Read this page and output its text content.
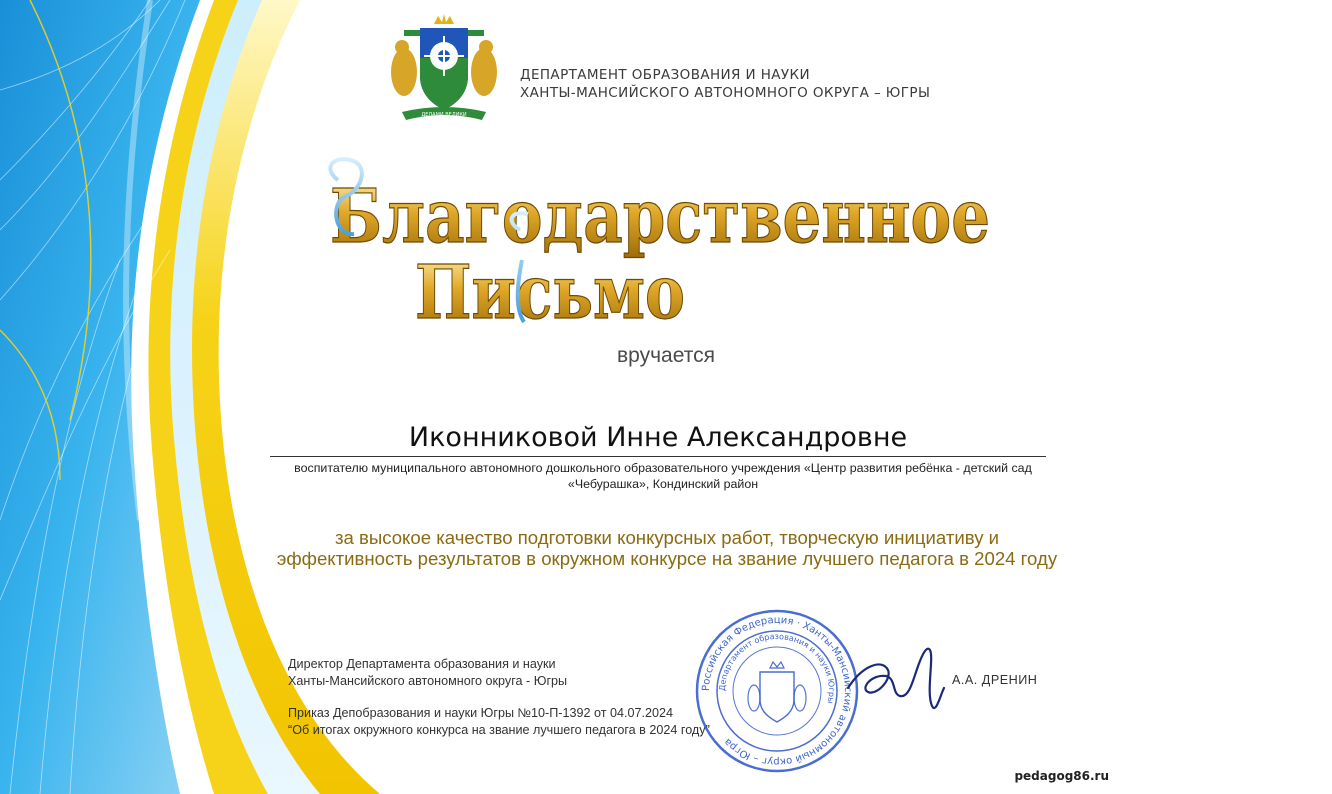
ДЕЛАМИ ВЕЛИКИ
ДЕПАРТАМЕНТ ОБРАЗОВАНИЯ И НАУКИ
ХАНТЫ-МАНСИЙСКОГО АВТОНОМНОГО ОКРУГА – ЮГРЫ
Благодарственное
Письмо
вручается
Иконниковой Инне Александровне
воспитателю муниципального автономного дошкольного образовательного учреждения «Центр развития ребёнка - детский сад «Чебурашка», Кондинский район
за высокое качество подготовки конкурсных работ, творческую инициативу и эффективность результатов в окружном конкурсе на звание лучшего педагога в 2024 году
Директор Департамента образования и науки
Ханты-Мансийского автономного округа - Югры
Приказ Депобразования и науки Югры №10-П-1392 от 04.07.2024
“Об итогах окружного конкурса на звание лучшего педагога в 2024 году”
Российская Федерация · Ханты-Мансийский автономный округ – Югра
Департамент образования и науки Югры
А.А. ДРЕНИН
pedagog86.ru
